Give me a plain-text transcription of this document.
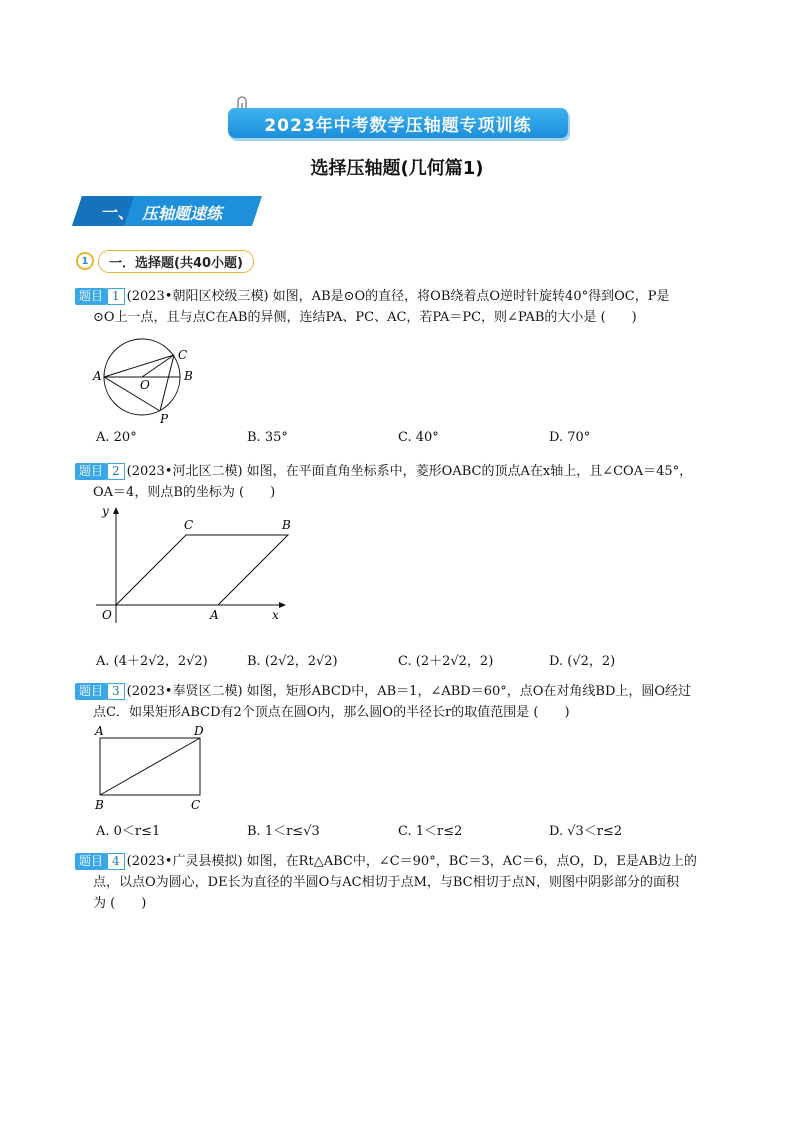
2023年中考数学压轴题专项训练
选择压轴题(几何篇1)
一、 压轴题速练
1	一．选择题(共40小题)
题目 1 (2023•朝阳区校级三模) 如图，AB是⊙O的直径，将OB绕着点O逆时针旋转40°得到OC，P是
⊙O上一点，且与点C在AB的异侧，连结PA、PC、AC，若PA＝PC，则∠PAB的大小是 (　　)
A	B
C
O
P
A. 20°	B. 35°	C. 40°	D. 70°
题目 2 (2023•河北区二模) 如图，在平面直角坐标系中，菱形OABC的顶点A在x轴上，且∠COA＝45°，
OA＝4，则点B的坐标为 (　　)
y
x
O	A
B
C
A. (4＋2√2，2√2)	B. (2√2，2√2)	C. (2＋2√2，2)	D. (√2，2)
题目 3 (2023•奉贤区二模) 如图，矩形ABCD中，AB＝1，∠ABD＝60°，点O在对角线BD上，圆O经过
点C．如果矩形ABCD有2个顶点在圆O内，那么圆O的半径长r的取值范围是 (　　)
A	D
B	C
A. 0＜r≤1	B. 1＜r≤√3	C. 1＜r≤2	D. √3＜r≤2
题目 4 (2023•广灵县模拟) 如图，在Rt△ABC中，∠C＝90°，BC＝3，AC＝6，点O，D，E是AB边上的
点，以点O为圆心，DE长为直径的半圆O与AC相切于点M，与BC相切于点N，则图中阴影部分的面积
为 (　　)
